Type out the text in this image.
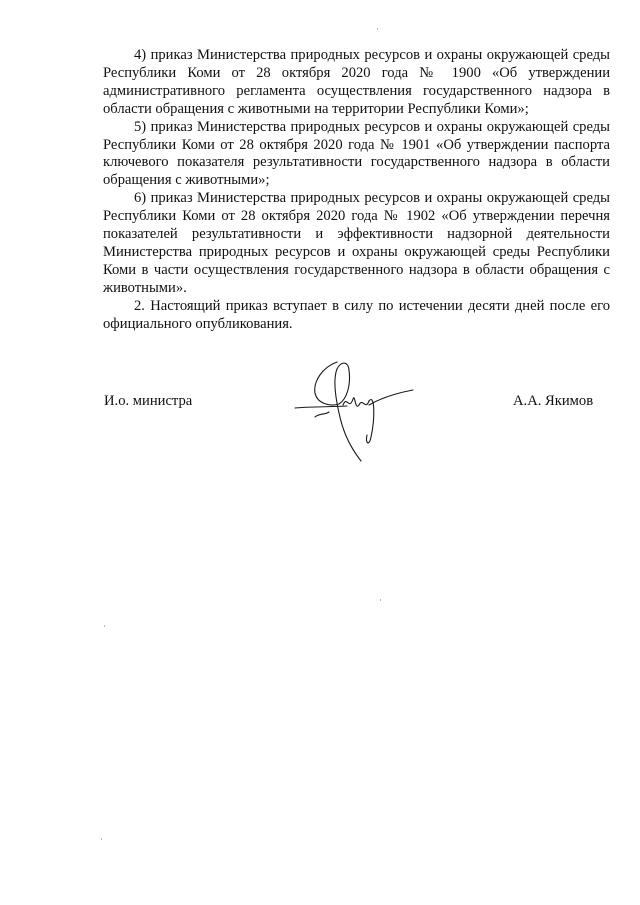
4) приказ Министерства природных ресурсов и охраны окружающей среды Республики Коми от 28 октября 2020 года № 1900 «Об утверждении административного регламента осуществления государственного надзора в области обращения с животными на территории Республики Коми»;

5) приказ Министерства природных ресурсов и охраны окружающей среды Республики Коми от 28 октября 2020 года № 1901 «Об утверждении паспорта ключевого показателя результативности государственного надзора в области обращения с животными»;

6) приказ Министерства природных ресурсов и охраны окружающей среды Республики Коми от 28 октября 2020 года № 1902 «Об утверждении перечня показателей результативности и эффективности надзорной деятельности Министерства природных ресурсов и охраны окружающей среды Республики Коми в части осуществления государственного надзора в области обращения с животными».

2. Настоящий приказ вступает в силу по истечении десяти дней после его официального опубликования.

И.о. министра	А.А. Якимов
